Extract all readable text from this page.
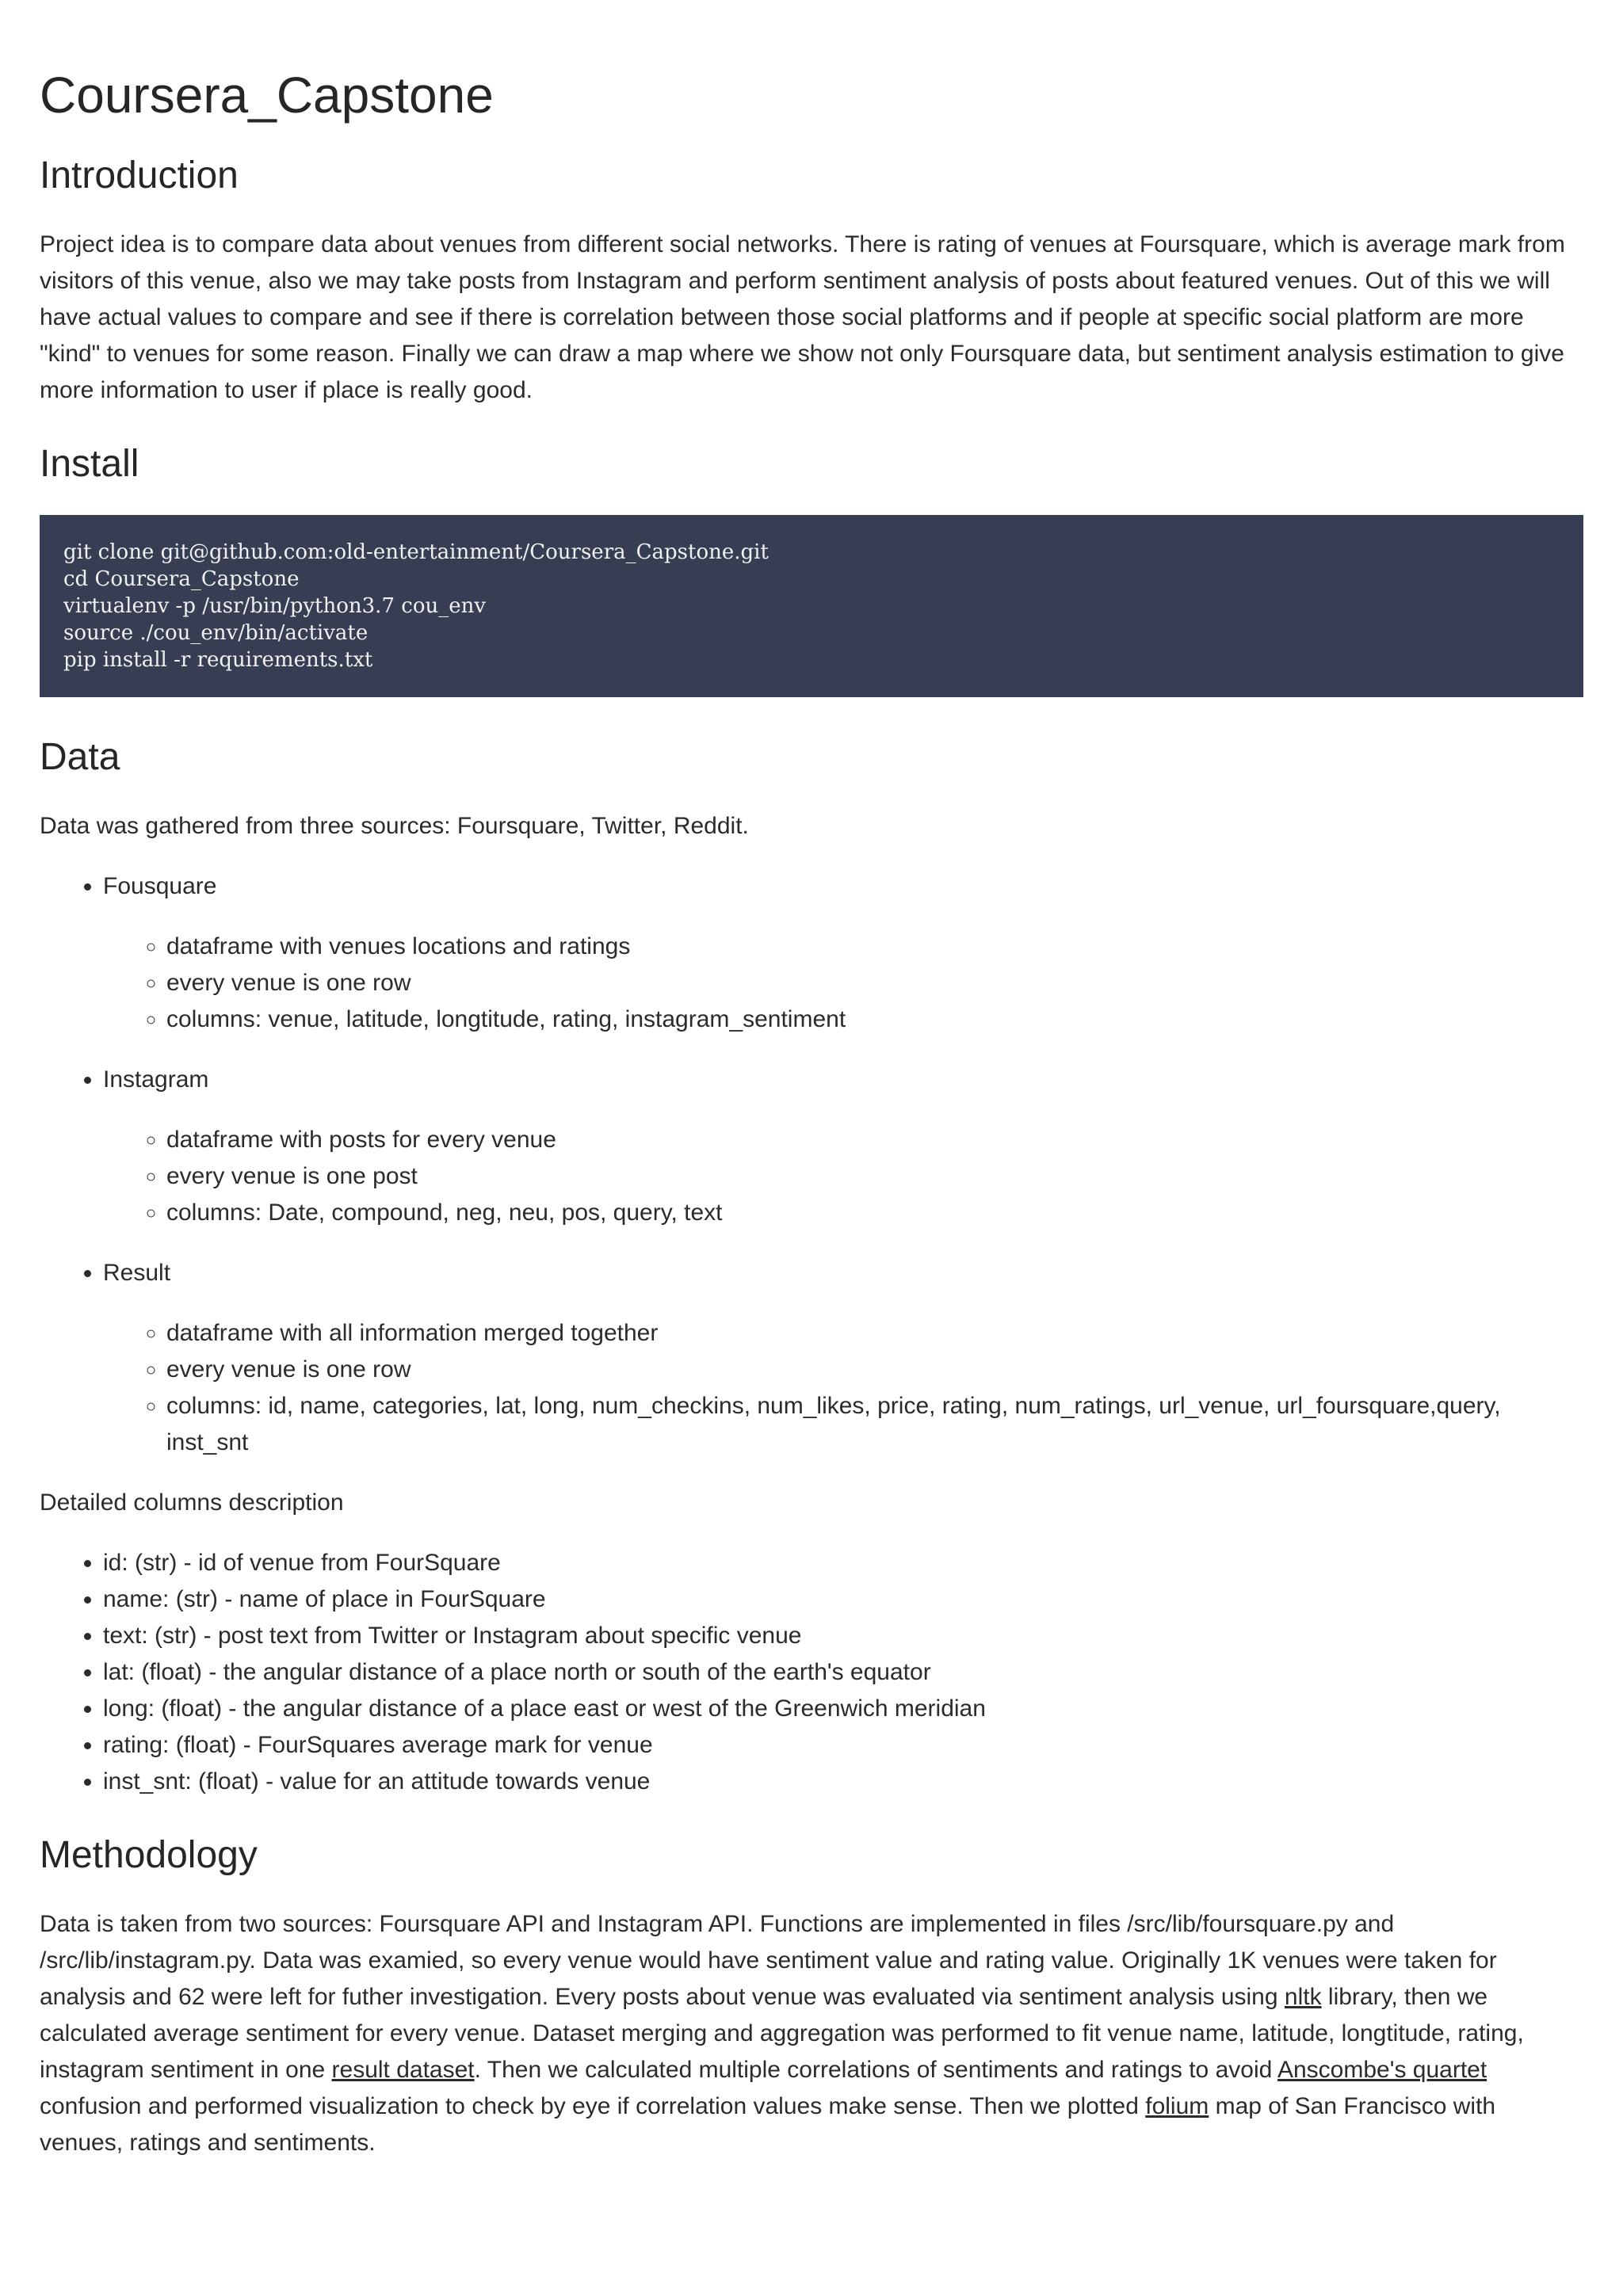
Coursera_Capstone
Introduction

Project idea is to compare data about venues from different social networks. There is rating of venues at Foursquare, which is average mark from visitors of this venue, also we may take posts from Instagram and perform sentiment analysis of posts about featured venues. Out of this we will have actual values to compare and see if there is correlation between those social platforms and if people at specific social platform are more "kind" to venues for some reason. Finally we can draw a map where we show not only Foursquare data, but sentiment analysis estimation to give more information to user if place is really good.

Install
git clone git@github.com:old-entertainment/Coursera_Capstone.git
cd Coursera_Capstone
virtualenv -p /usr/bin/python3.7 cou_env
source ./cou_env/bin/activate
pip install -r requirements.txt
Data

Data was gathered from three sources: Foursquare, Twitter, Reddit.

• Fousquare
◦ dataframe with venues locations and ratings
◦ every venue is one row
◦ columns: venue, latitude, longtitude, rating, instagram_sentiment
• Instagram
◦ dataframe with posts for every venue
◦ every venue is one post
◦ columns: Date, compound, neg, neu, pos, query, text
• Result
◦ dataframe with all information merged together
◦ every venue is one row
◦ columns: id, name, categories, lat, long, num_checkins, num_likes, price, rating, num_ratings, url_venue, url_foursquare,query, inst_snt

Detailed columns description

• id: (str) - id of venue from FourSquare
• name: (str) - name of place in FourSquare
• text: (str) - post text from Twitter or Instagram about specific venue
• lat: (float) - the angular distance of a place north or south of the earth's equator
• long: (float) - the angular distance of a place east or west of the Greenwich meridian
• rating: (float) - FourSquares average mark for venue
• inst_snt: (float) - value for an attitude towards venue
Methodology

Data is taken from two sources: Foursquare API and Instagram API. Functions are implemented in files /src/lib/foursquare.py and /src/lib/instagram.py. Data was examied, so every venue would have sentiment value and rating value. Originally 1K venues were taken for analysis and 62 were left for futher investigation. Every posts about venue was evaluated via sentiment analysis using nltk library, then we calculated average sentiment for every venue. Dataset merging and aggregation was performed to fit venue name, latitude, longtitude, rating, instagram sentiment in one result dataset. Then we calculated multiple correlations of sentiments and ratings to avoid Anscombe's quartet confusion and performed visualization to check by eye if correlation values make sense. Then we plotted folium map of San Francisco with venues, ratings and sentiments.
